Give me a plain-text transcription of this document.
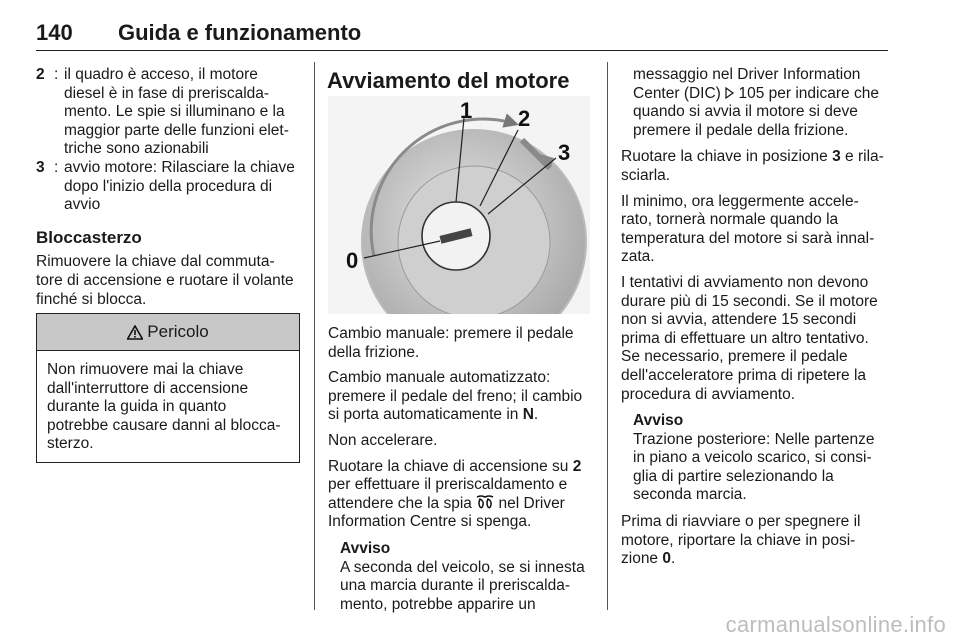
140 Guida e funzionamento
2 : il quadro è acceso, il motore diesel è in fase di preriscalda-mento. Le spie si illuminano e la maggior parte delle funzioni elet-triche sono azionabili
3 : avvio motore: Rilasciare la chiave dopo l'inizio della procedura di avvio
Bloccasterzo

Rimuovere la chiave dal commuta-tore di accensione e ruotare il volante finché si blocca.

Pericolo
Non rimuovere mai la chiave dall'interruttore di accensione durante la guida in quanto potrebbe causare danni al blocca-sterzo.
Avviamento del motore
0
1 2
3

Cambio manuale: premere il pedale della frizione.

Cambio manuale automatizzato: premere il pedale del freno; il cambio si porta automaticamente in N.

Non accelerare.

Ruotare la chiave di accensione su 2 per effettuare il preriscaldamento e attendere che la spia  nel Driver Information Centre si spenga.

Avviso
A seconda del veicolo, se si innesta una marcia durante il preriscalda-mento, potrebbe apparire un
messaggio nel Driver Information Center (DIC)  105 per indicare che quando si avvia il motore si deve premere il pedale della frizione.

Ruotare la chiave in posizione 3 e rila-sciarla.

Il minimo, ora leggermente accele-rato, tornerà normale quando la temperatura del motore si sarà innal-zata.

I tentativi di avviamento non devono durare più di 15 secondi. Se il motore non si avvia, attendere 15 secondi prima di effettuare un altro tentativo. Se necessario, premere il pedale dell'acceleratore prima di ripetere la procedura di avviamento.

Avviso
Trazione posteriore: Nelle partenze in piano a veicolo scarico, si consi-glia di partire selezionando la seconda marcia.

Prima di riavviare o per spegnere il motore, riportare la chiave in posi-zione 0.

carmanualsonline.info
